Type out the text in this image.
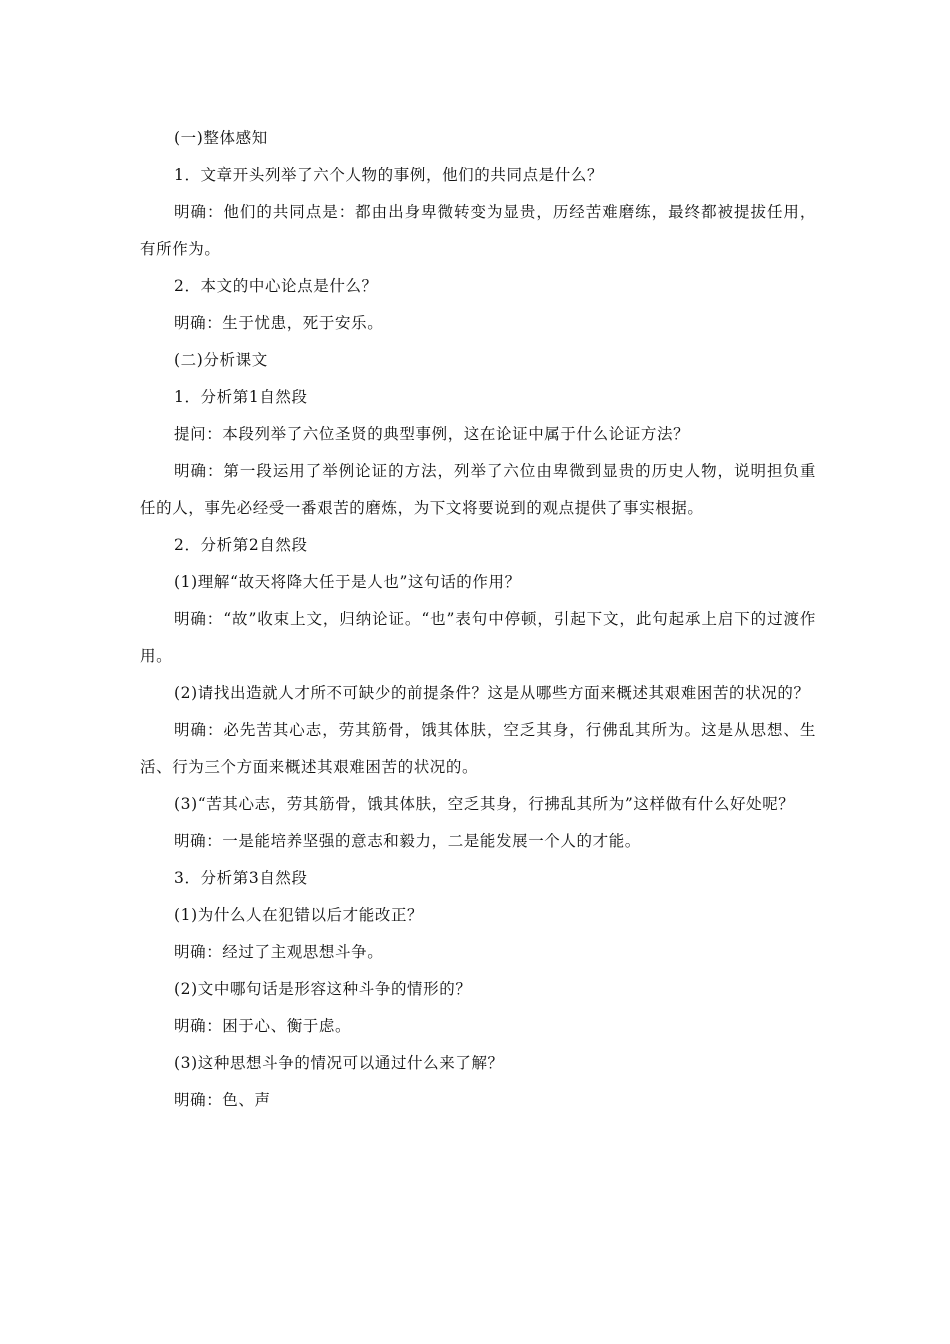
(一)整体感知

1．文章开头列举了六个人物的事例，他们的共同点是什么？

明确：他们的共同点是：都由出身卑微转变为显贵，历经苦难磨练，最终都被提拔任用，有所作为。

2．本文的中心论点是什么？

明确：生于忧患，死于安乐。

(二)分析课文

1．分析第1自然段

提问：本段列举了六位圣贤的典型事例，这在论证中属于什么论证方法？

明确：第一段运用了举例论证的方法，列举了六位由卑微到显贵的历史人物，说明担负重任的人，事先必经受一番艰苦的磨炼，为下文将要说到的观点提供了事实根据。

2．分析第2自然段

(1)理解“故天将降大任于是人也”这句话的作用？

明确：“故”收束上文，归纳论证。“也”表句中停顿，引起下文，此句起承上启下的过渡作用。

(2)请找出造就人才所不可缺少的前提条件？这是从哪些方面来概述其艰难困苦的状况的？

明确：必先苦其心志，劳其筋骨，饿其体肤，空乏其身，行佛乱其所为。这是从思想、生活、行为三个方面来概述其艰难困苦的状况的。

(3)“苦其心志，劳其筋骨，饿其体肤，空乏其身，行拂乱其所为”这样做有什么好处呢？

明确：一是能培养坚强的意志和毅力，二是能发展一个人的才能。

3．分析第3自然段

(1)为什么人在犯错以后才能改正？

明确：经过了主观思想斗争。

(2)文中哪句话是形容这种斗争的情形的？

明确：困于心、衡于虑。

(3)这种思想斗争的情况可以通过什么来了解？

明确：色、声
